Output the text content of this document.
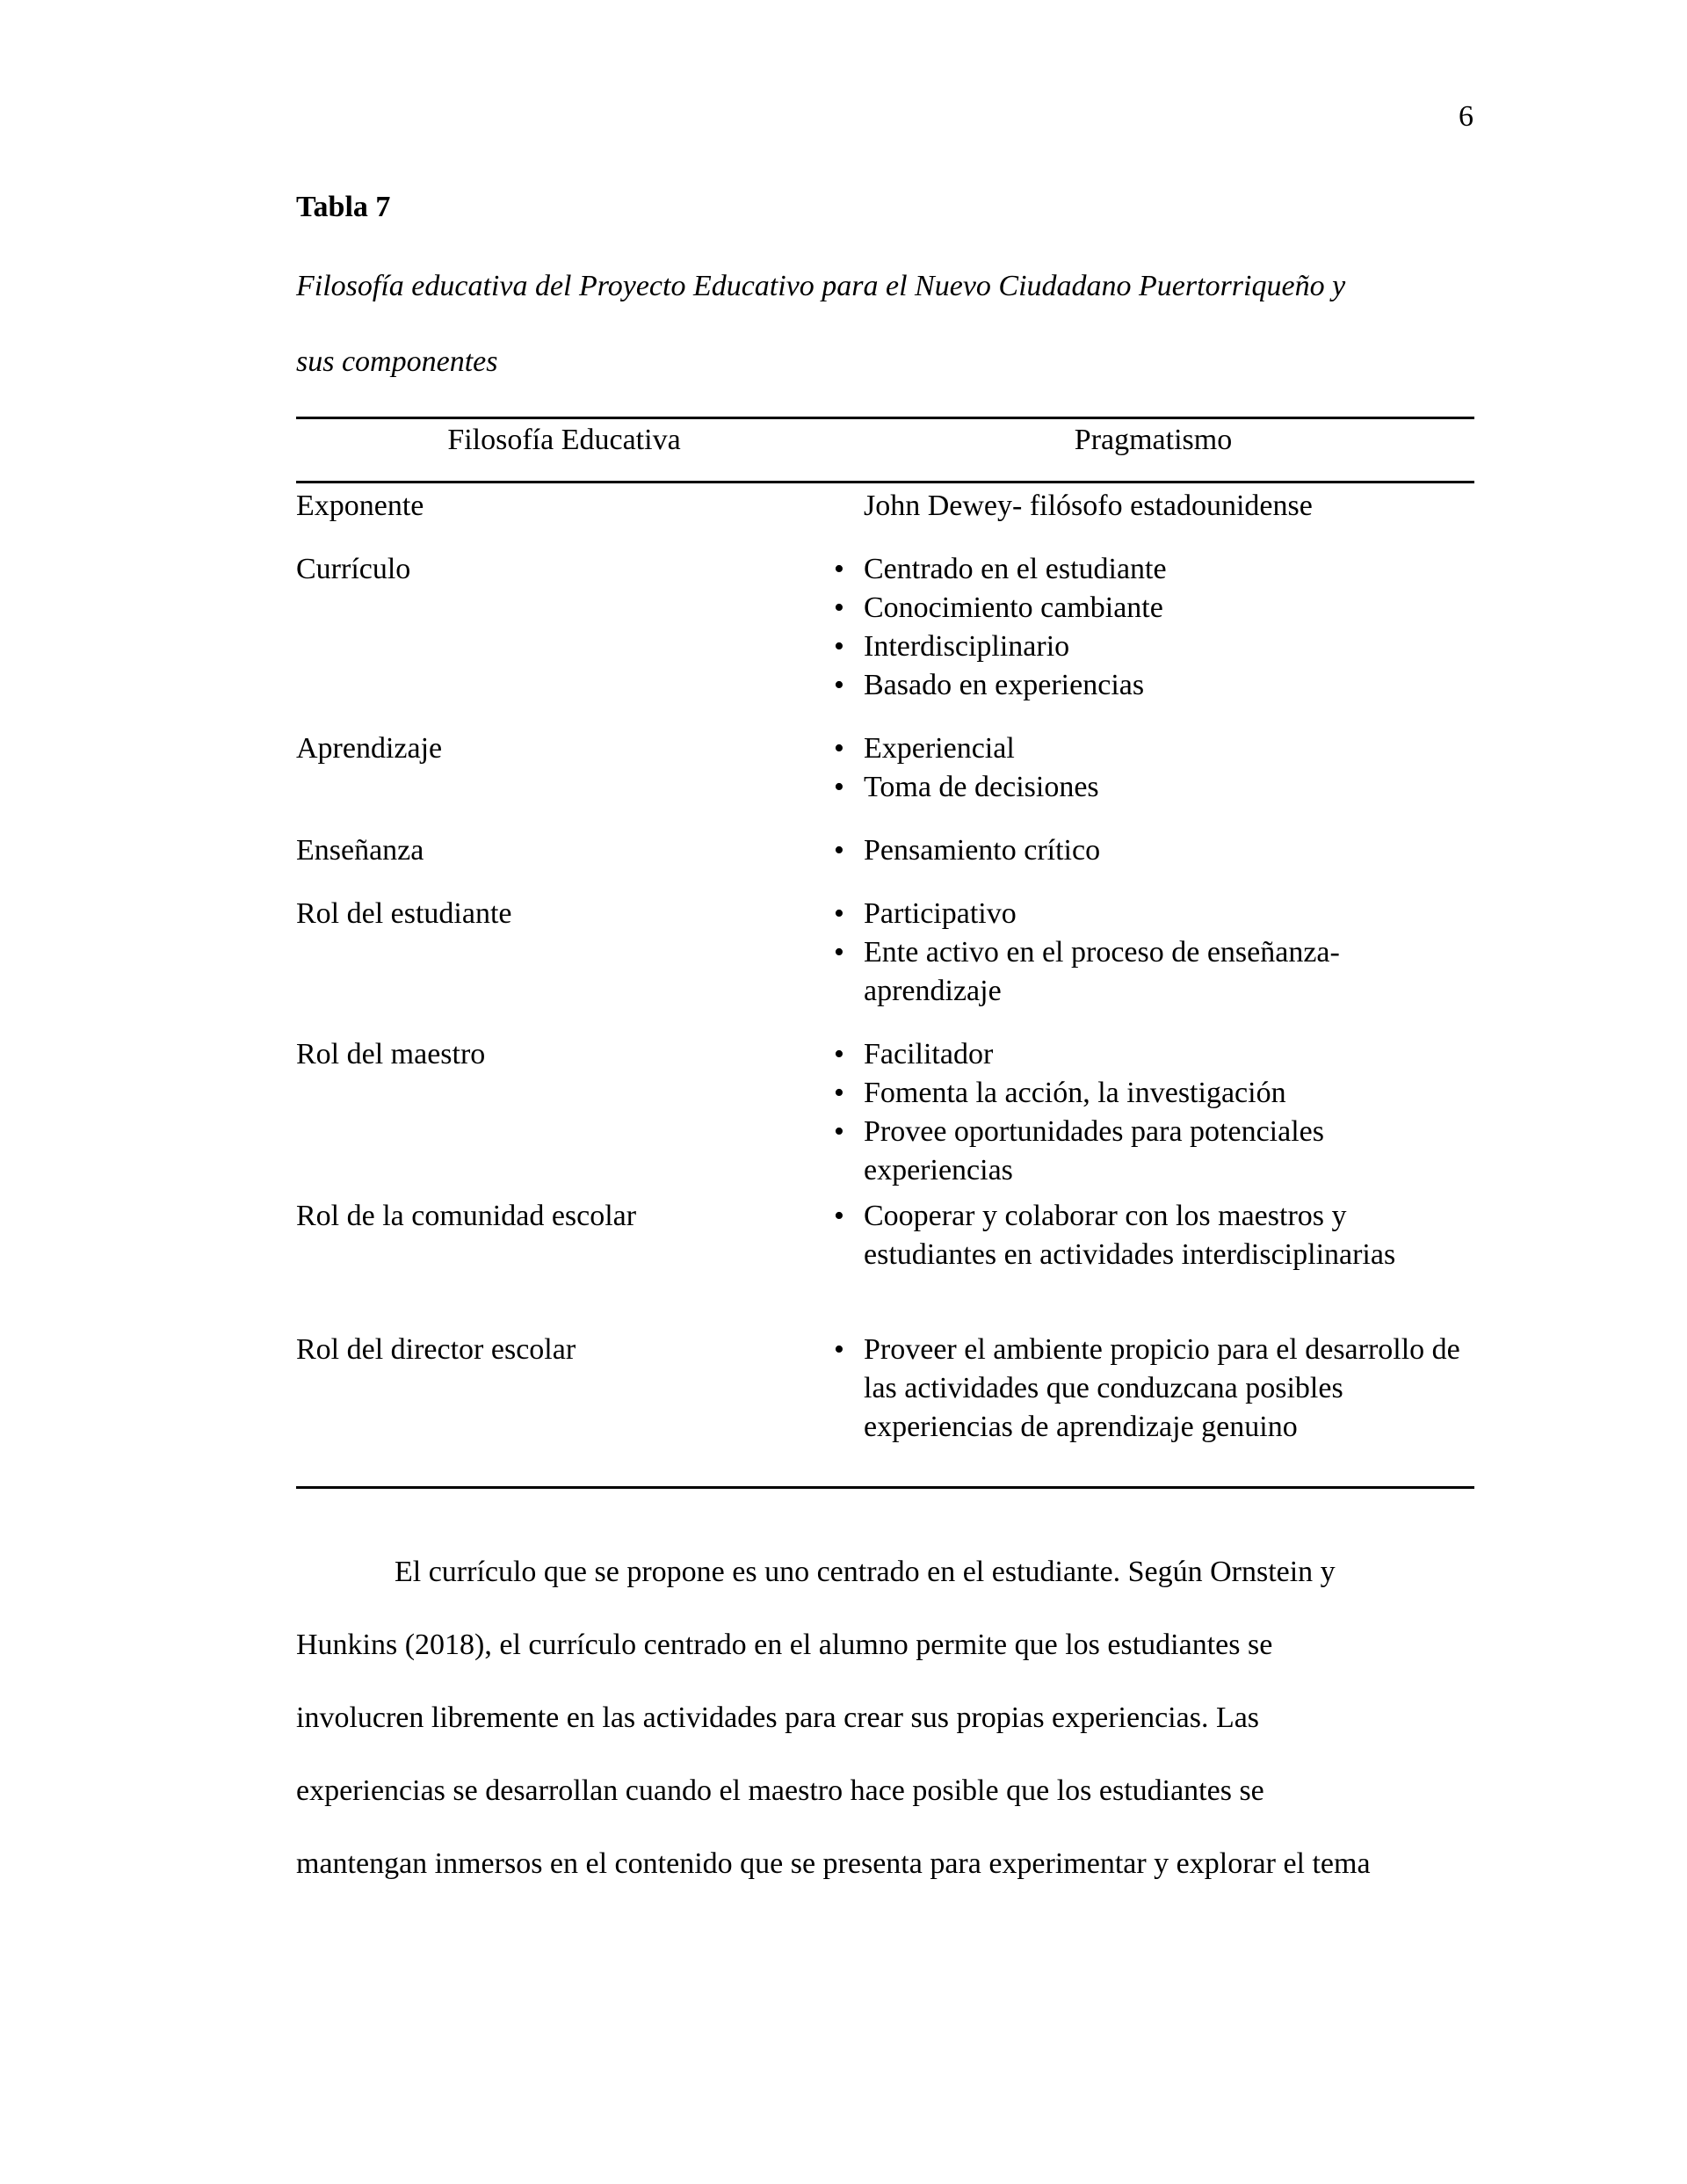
6
Tabla 7
Filosofía educativa del Proyecto Educativo para el Nuevo Ciudadano Puertorriqueño y
sus componentes
Filosofía Educativa	Pragmatismo
Exponente	John Dewey- filósofo estadounidense
Currículo	• Centrado en el estudiante
• Conocimiento cambiante
• Interdisciplinario
• Basado en experiencias
Aprendizaje	• Experiencial
• Toma de decisiones
Enseñanza	• Pensamiento crítico
Rol del estudiante	• Participativo
• Ente activo en el proceso de enseñanza-aprendizaje
Rol del maestro	• Facilitador
• Fomenta la acción, la investigación
• Provee oportunidades para potenciales experiencias
Rol de la comunidad escolar	• Cooperar y colaborar con los maestros y estudiantes en actividades interdisciplinarias
Rol del director escolar	• Proveer el ambiente propicio para el desarrollo de las actividades que conduzcana posibles experiencias de aprendizaje genuino
El currículo que se propone es uno centrado en el estudiante. Según Ornstein y
Hunkins (2018), el currículo centrado en el alumno permite que los estudiantes se
involucren libremente en las actividades para crear sus propias experiencias. Las
experiencias se desarrollan cuando el maestro hace posible que los estudiantes se
mantengan inmersos en el contenido que se presenta para experimentar y explorar el tema
